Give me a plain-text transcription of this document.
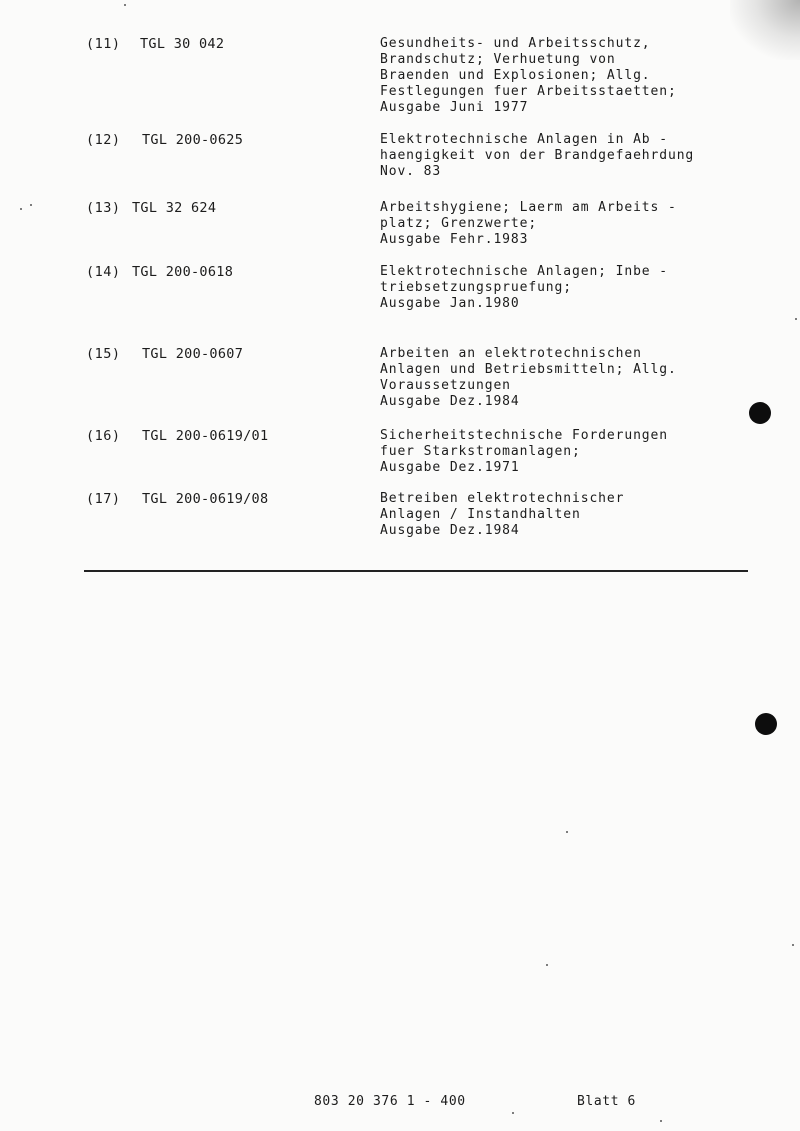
(11) TGL 30 042	Gesundheits- und Arbeitsschutz,
Brandschutz; Verhuetung von
Braenden und Explosionen; Allg.
Festlegungen fuer Arbeitsstaetten;
Ausgabe Juni 1977
(12) TGL 200-0625	Elektrotechnische Anlagen in Ab -
haengigkeit von der Brandgefaehrdung
Nov. 83
(13) TGL 32 624	Arbeitshygiene; Laerm am Arbeits -
platz; Grenzwerte;
Ausgabe Fehr.1983
(14) TGL 200-0618	Elektrotechnische Anlagen; Inbe -
triebsetzungspruefung;
Ausgabe Jan.1980
(15) TGL 200-0607	Arbeiten an elektrotechnischen
Anlagen und Betriebsmitteln; Allg.
Voraussetzungen
Ausgabe Dez.1984
(16) TGL 200-0619/01	Sicherheitstechnische Forderungen
fuer Starkstromanlagen;
Ausgabe Dez.1971
(17) TGL 200-0619/08	Betreiben elektrotechnischer
Anlagen / Instandhalten
Ausgabe Dez.1984
803 20 376 1 - 400	Blatt 6
